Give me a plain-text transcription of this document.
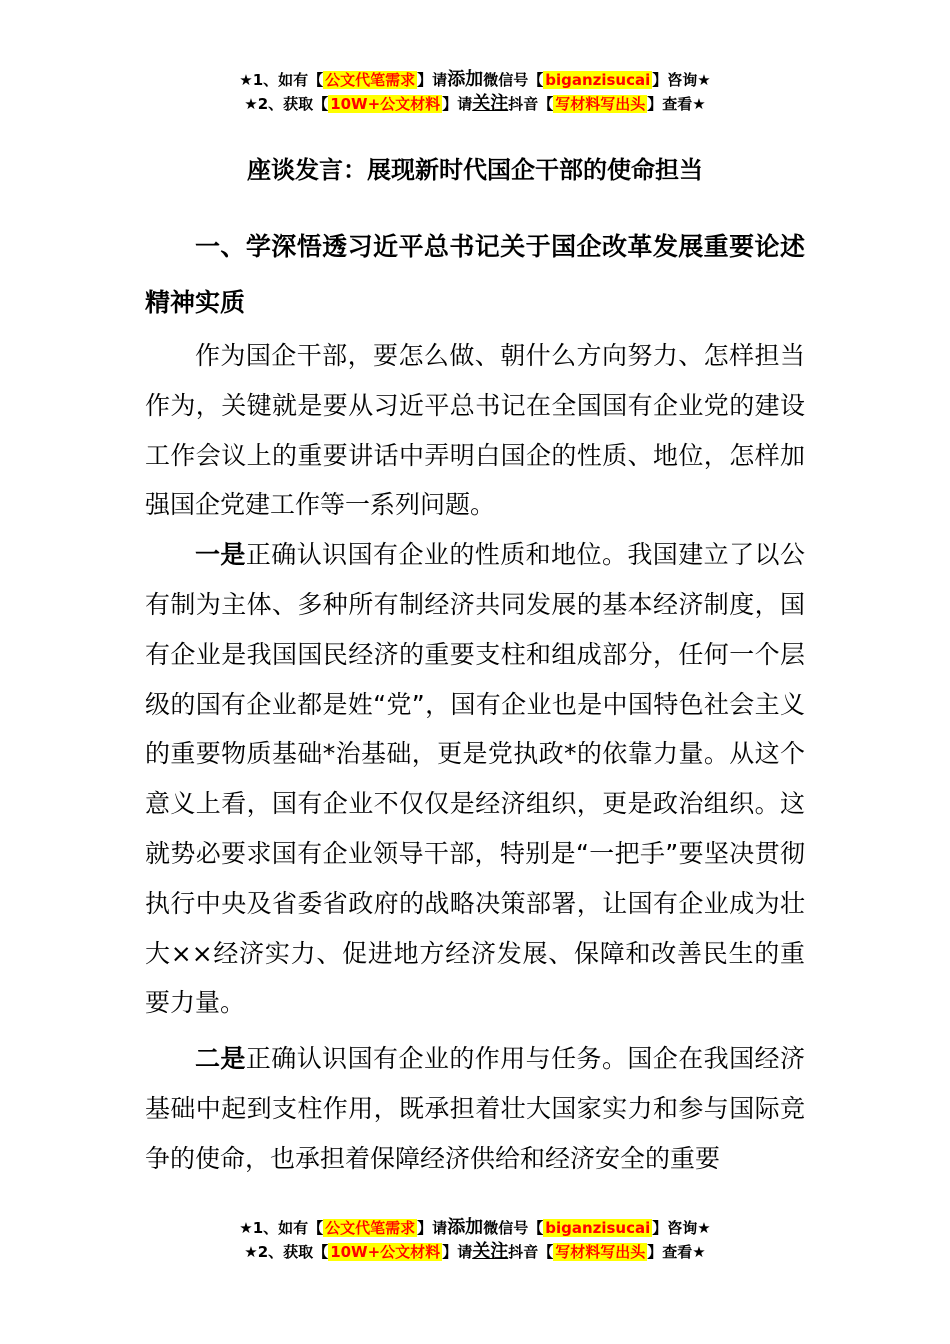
★1、如有【 公文代笔需求 】请添加微信号【 biganzisucai 】咨询★
★2、获取【 10W+公文材料 】请关注抖音【 写材料写出头 】查看★
座谈发言：展现新时代国企干部的使命担当

一、学深悟透习近平总书记关于国企改革发展重要论述精神实质

作为国企干部，要怎么做、朝什么方向努力、怎样担当作为，关键就是要从习近平总书记在全国国有企业党的建设工作会议上的重要讲话中弄明白国企的性质、地位，怎样加强国企党建工作等一系列问题。

一是正确认识国有企业的性质和地位。我国建立了以公有制为主体、多种所有制经济共同发展的基本经济制度，国有企业是我国国民经济的重要支柱和组成部分，任何一个层级的国有企业都是姓“党”，国有企业也是中国特色社会主义的重要物质基础*治基础，更是党执政*的依靠力量。从这个意义上看，国有企业不仅仅是经济组织，更是政治组织。这就势必要求国有企业领导干部，特别是“一把手”要坚决贯彻执行中央及省委省政府的战略决策部署，让国有企业成为壮大××经济实力、促进地方经济发展、保障和改善民生的重要力量。

二是正确认识国有企业的作用与任务。国企在我国经济基础中起到支柱作用，既承担着壮大国家实力和参与国际竞争的使命，也承担着保障经济供给和经济安全的重要

★1、如有【 公文代笔需求 】请添加微信号【 biganzisucai 】咨询★
★2、获取【 10W+公文材料 】请关注抖音【 写材料写出头 】查看★
